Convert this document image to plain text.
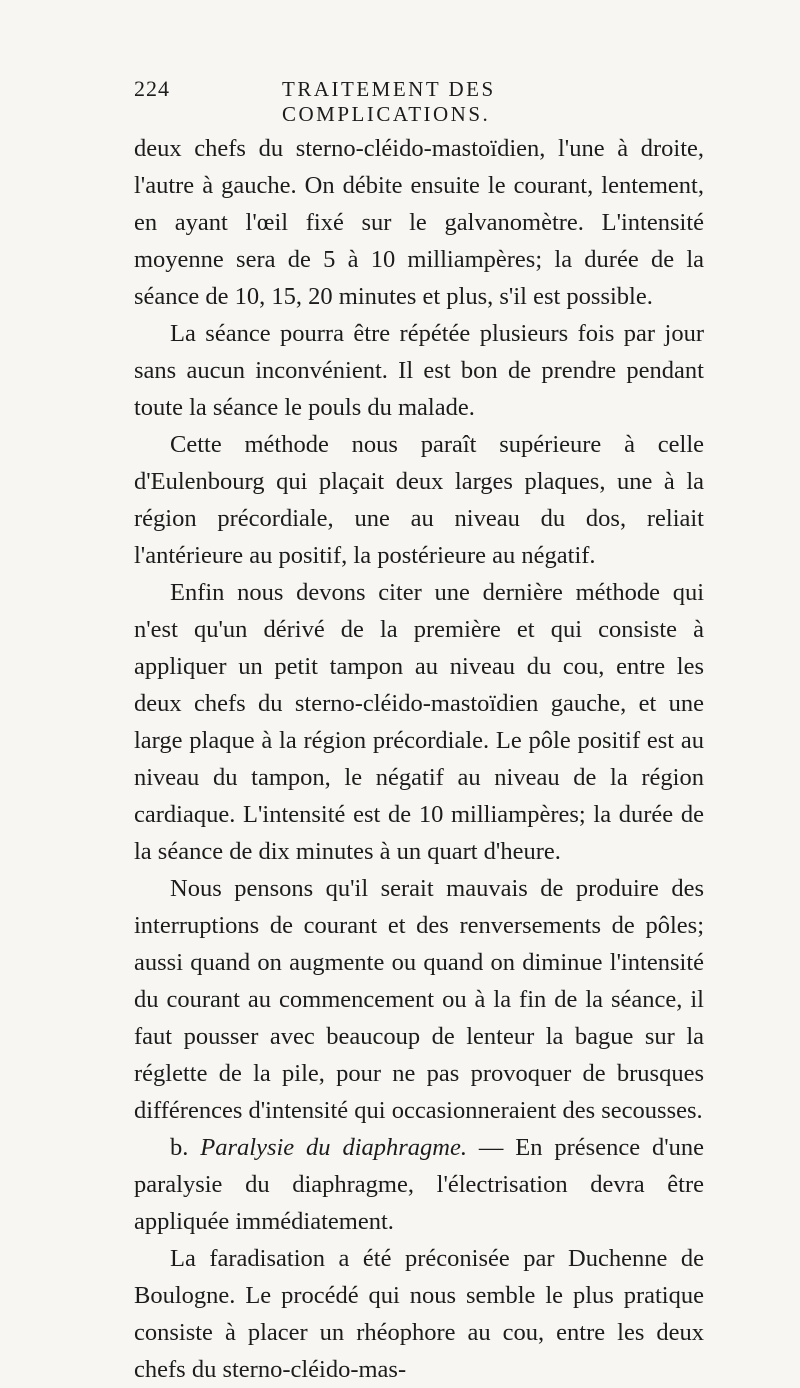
224	TRAITEMENT DES COMPLICATIONS.

deux chefs du sterno-cléido-mastoïdien, l'une à droite, l'autre à gauche. On débite ensuite le courant, lentement, en ayant l'œil fixé sur le galvanomètre. L'intensité moyenne sera de 5 à 10 milliampères; la durée de la séance de 10, 15, 20 minutes et plus, s'il est possible.

La séance pourra être répétée plusieurs fois par jour sans aucun inconvénient. Il est bon de prendre pendant toute la séance le pouls du malade.

Cette méthode nous paraît supérieure à celle d'Eulenbourg qui plaçait deux larges plaques, une à la région précordiale, une au niveau du dos, reliait l'antérieure au positif, la postérieure au négatif.

Enfin nous devons citer une dernière méthode qui n'est qu'un dérivé de la première et qui consiste à appliquer un petit tampon au niveau du cou, entre les deux chefs du sterno-cléido-mastoïdien gauche, et une large plaque à la région précordiale. Le pôle positif est au niveau du tampon, le négatif au niveau de la région cardiaque. L'intensité est de 10 milliampères; la durée de la séance de dix minutes à un quart d'heure.

Nous pensons qu'il serait mauvais de produire des interruptions de courant et des renversements de pôles; aussi quand on augmente ou quand on diminue l'intensité du courant au commencement ou à la fin de la séance, il faut pousser avec beaucoup de lenteur la bague sur la réglette de la pile, pour ne pas provoquer de brusques différences d'intensité qui occasionneraient des secousses.

b. Paralysie du diaphragme. — En présence d'une paralysie du diaphragme, l'électrisation devra être appliquée immédiatement.

La faradisation a été préconisée par Duchenne de Boulogne. Le procédé qui nous semble le plus pratique consiste à placer un rhéophore au cou, entre les deux chefs du sterno-cléido-mas-
